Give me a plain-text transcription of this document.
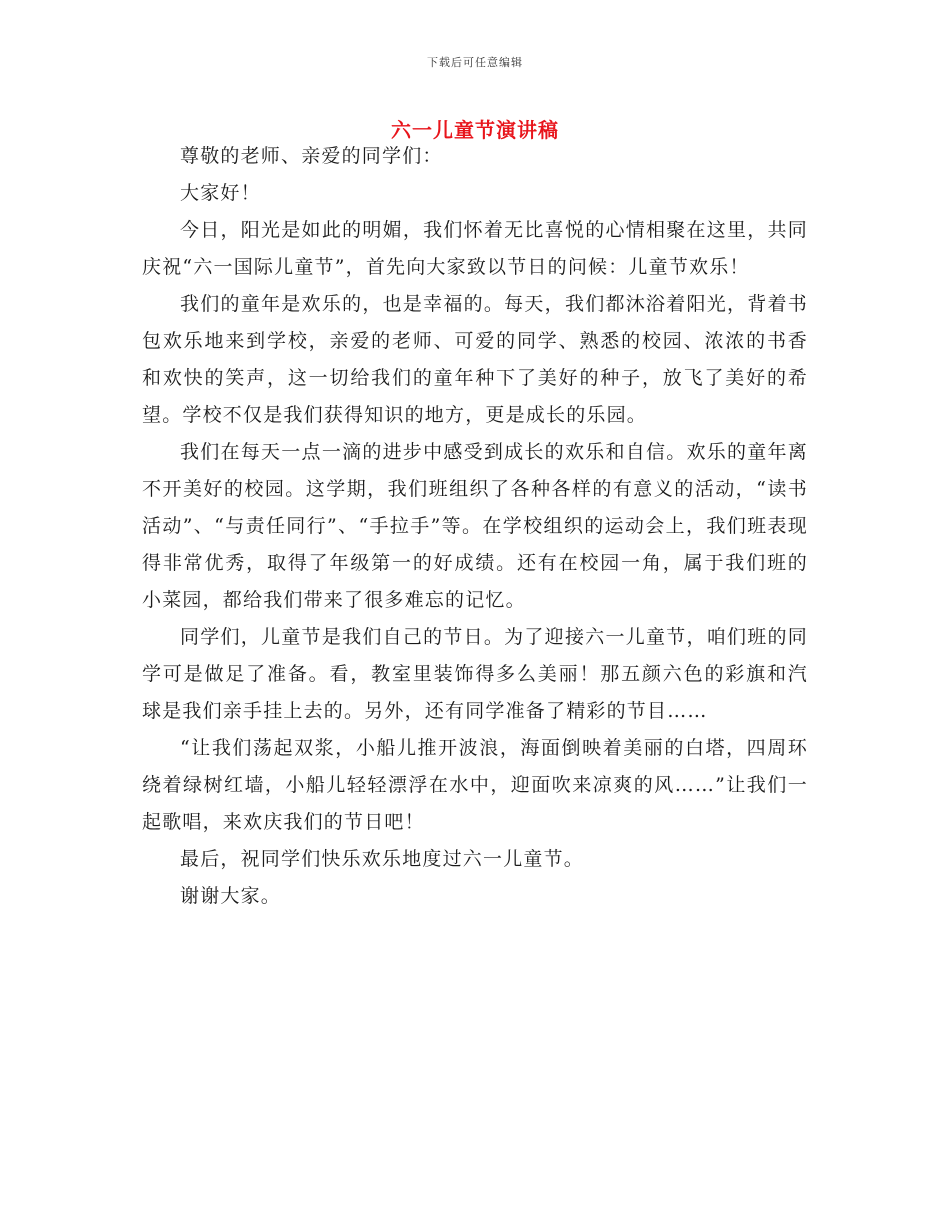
下载后可任意编辑
六一儿童节演讲稿

尊敬的老师、亲爱的同学们：

大家好！

今日，阳光是如此的明媚，我们怀着无比喜悦的心情相聚在这里，共同庆祝“六一国际儿童节”，首先向大家致以节日的问候：儿童节欢乐！

我们的童年是欢乐的，也是幸福的。每天，我们都沐浴着阳光，背着书包欢乐地来到学校，亲爱的老师、可爱的同学、熟悉的校园、浓浓的书香和欢快的笑声，这一切给我们的童年种下了美好的种子，放飞了美好的希望。学校不仅是我们获得知识的地方，更是成长的乐园。

我们在每天一点一滴的进步中感受到成长的欢乐和自信。欢乐的童年离不开美好的校园。这学期，我们班组织了各种各样的有意义的活动，“读书活动”、“与责任同行”、“手拉手”等。在学校组织的运动会上，我们班表现得非常优秀，取得了年级第一的好成绩。还有在校园一角，属于我们班的小菜园，都给我们带来了很多难忘的记忆。

同学们，儿童节是我们自己的节日。为了迎接六一儿童节，咱们班的同学可是做足了准备。看，教室里装饰得多么美丽！那五颜六色的彩旗和汽球是我们亲手挂上去的。另外，还有同学准备了精彩的节目……

“让我们荡起双浆，小船儿推开波浪，海面倒映着美丽的白塔，四周环绕着绿树红墙，小船儿轻轻漂浮在水中，迎面吹来凉爽的风……”让我们一起歌唱，来欢庆我们的节日吧！

最后，祝同学们快乐欢乐地度过六一儿童节。

谢谢大家。
